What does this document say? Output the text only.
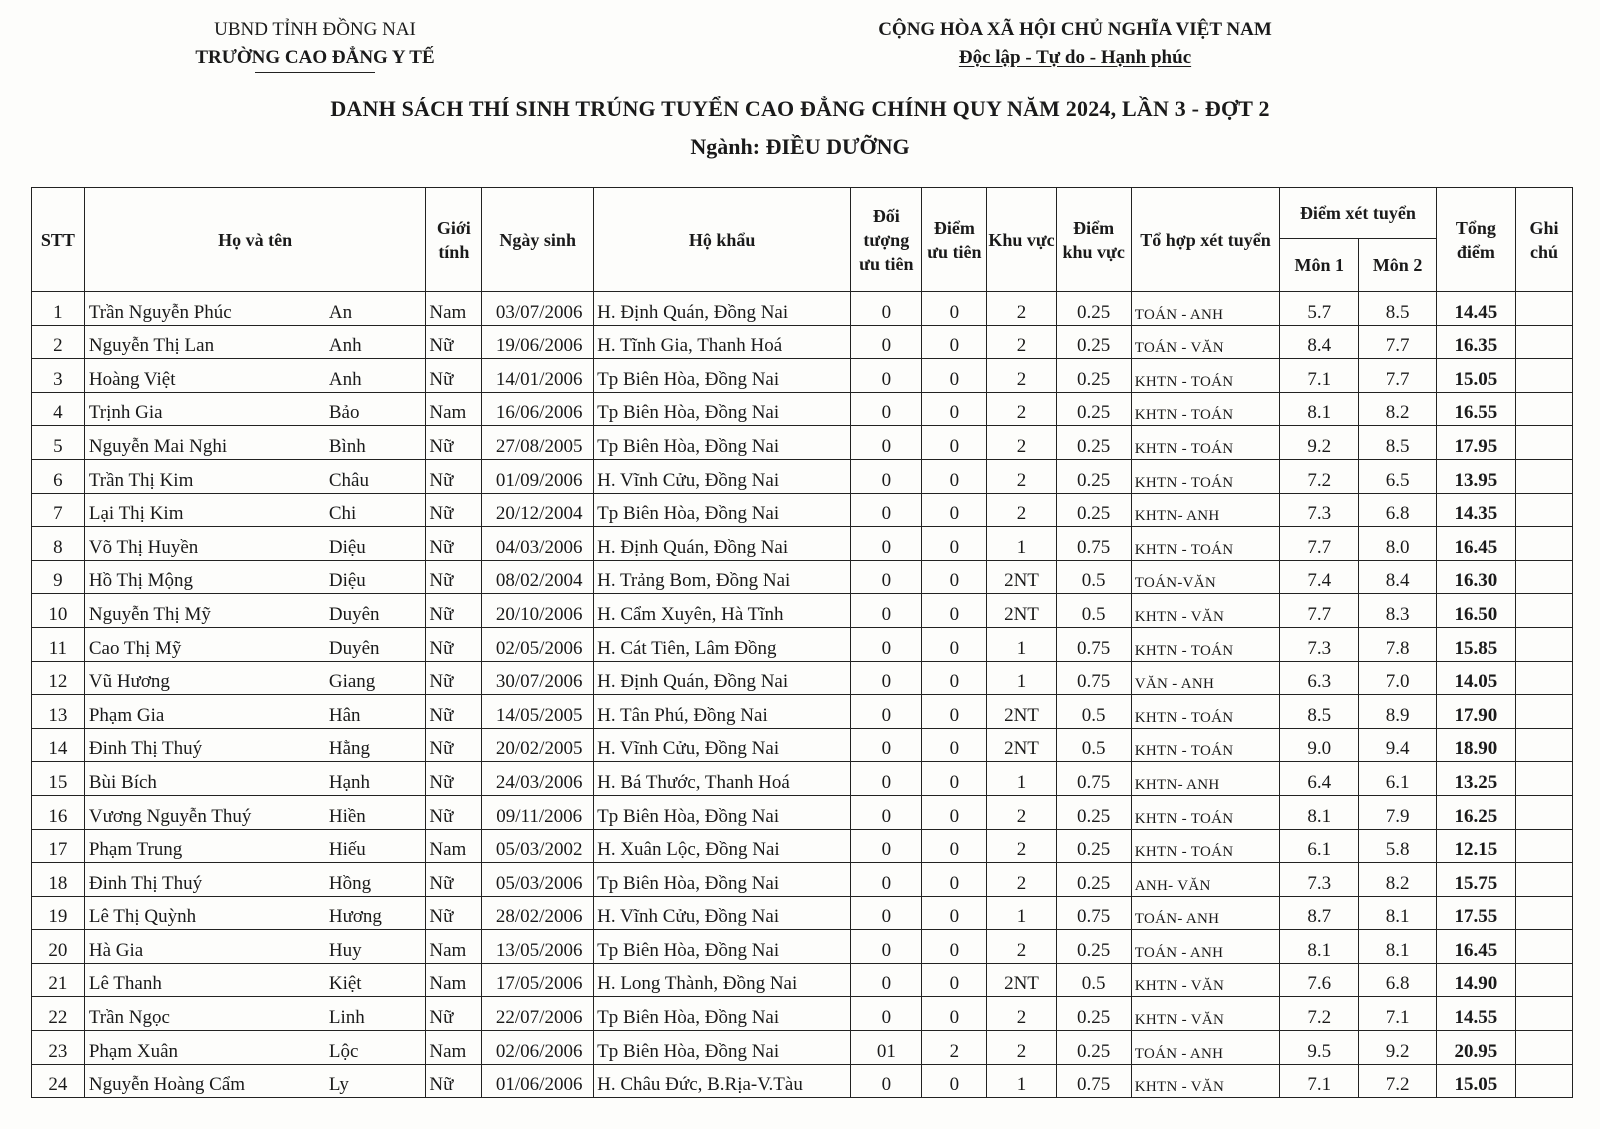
UBND TỈNH ĐỒNG NAI
TRƯỜNG CAO ĐẲNG Y TẾ
CỘNG HÒA XÃ HỘI CHỦ NGHĨA VIỆT NAM
Độc lập - Tự do - Hạnh phúc
DANH SÁCH THÍ SINH TRÚNG TUYỂN CAO ĐẲNG CHÍNH QUY NĂM 2024, LẦN 3 - ĐỢT 2
Ngành: ĐIỀU DƯỠNG
STT	Họ và tên	Giới tính	Ngày sinh	Hộ khẩu	Đối tượng ưu tiên	Điểm ưu tiên	Khu vực	Điểm khu vực	Tổ hợp xét tuyển	Điểm xét tuyển		Tổng điểm	Ghi chú
										Môn 1	Môn 2		
1	Trần Nguyễn Phúc An	Nam	03/07/2006	H. Định Quán, Đồng Nai	0	0	2	0.25	TOÁN - ANH	5.7	8.5	14.45	
2	Nguyễn Thị Lan Anh	Nữ	19/06/2006	H. Tĩnh Gia, Thanh Hoá	0	0	2	0.25	TOÁN - VĂN	8.4	7.7	16.35	
3	Hoàng Việt Anh	Nữ	14/01/2006	Tp Biên Hòa, Đồng Nai	0	0	2	0.25	KHTN - TOÁN	7.1	7.7	15.05	
4	Trịnh Gia Bảo	Nam	16/06/2006	Tp Biên Hòa, Đồng Nai	0	0	2	0.25	KHTN - TOÁN	8.1	8.2	16.55	
5	Nguyễn Mai Nghi Bình	Nữ	27/08/2005	Tp Biên Hòa, Đồng Nai	0	0	2	0.25	KHTN - TOÁN	9.2	8.5	17.95	
6	Trần Thị Kim Châu	Nữ	01/09/2006	H. Vĩnh Cửu, Đồng Nai	0	0	2	0.25	KHTN - TOÁN	7.2	6.5	13.95	
7	Lại Thị Kim Chi	Nữ	20/12/2004	Tp Biên Hòa, Đồng Nai	0	0	2	0.25	KHTN- ANH	7.3	6.8	14.35	
8	Võ Thị Huyền Diệu	Nữ	04/03/2006	H. Định Quán, Đồng Nai	0	0	1	0.75	KHTN - TOÁN	7.7	8.0	16.45	
9	Hồ Thị Mộng Diệu	Nữ	08/02/2004	H. Trảng Bom, Đồng Nai	0	0	2NT	0.5	TOÁN-VĂN	7.4	8.4	16.30	
10	Nguyễn Thị Mỹ Duyên	Nữ	20/10/2006	H. Cẩm Xuyên, Hà Tĩnh	0	0	2NT	0.5	KHTN - VĂN	7.7	8.3	16.50	
11	Cao Thị Mỹ Duyên	Nữ	02/05/2006	H. Cát Tiên, Lâm Đồng	0	0	1	0.75	KHTN - TOÁN	7.3	7.8	15.85	
12	Vũ Hương Giang	Nữ	30/07/2006	H. Định Quán, Đồng Nai	0	0	1	0.75	VĂN - ANH	6.3	7.0	14.05	
13	Phạm Gia Hân	Nữ	14/05/2005	H. Tân Phú, Đồng Nai	0	0	2NT	0.5	KHTN - TOÁN	8.5	8.9	17.90	
14	Đinh Thị Thuý Hằng	Nữ	20/02/2005	H. Vĩnh Cửu, Đồng Nai	0	0	2NT	0.5	KHTN - TOÁN	9.0	9.4	18.90	
15	Bùi Bích Hạnh	Nữ	24/03/2006	H. Bá Thước, Thanh Hoá	0	0	1	0.75	KHTN- ANH	6.4	6.1	13.25	
16	Vương Nguyễn Thuý Hiền	Nữ	09/11/2006	Tp Biên Hòa, Đồng Nai	0	0	2	0.25	KHTN - TOÁN	8.1	7.9	16.25	
17	Phạm Trung Hiếu	Nam	05/03/2002	H. Xuân Lộc, Đồng Nai	0	0	2	0.25	KHTN - TOÁN	6.1	5.8	12.15	
18	Đinh Thị Thuý Hồng	Nữ	05/03/2006	Tp Biên Hòa, Đồng Nai	0	0	2	0.25	ANH- VĂN	7.3	8.2	15.75	
19	Lê Thị Quỳnh Hương	Nữ	28/02/2006	H. Vĩnh Cửu, Đồng Nai	0	0	1	0.75	TOÁN- ANH	8.7	8.1	17.55	
20	Hà Gia Huy	Nam	13/05/2006	Tp Biên Hòa, Đồng Nai	0	0	2	0.25	TOÁN - ANH	8.1	8.1	16.45	
21	Lê Thanh Kiệt	Nam	17/05/2006	H. Long Thành, Đồng Nai	0	0	2NT	0.5	KHTN - VĂN	7.6	6.8	14.90	
22	Trần Ngọc Linh	Nữ	22/07/2006	Tp Biên Hòa, Đồng Nai	0	0	2	0.25	KHTN - VĂN	7.2	7.1	14.55	
23	Phạm Xuân Lộc	Nam	02/06/2006	Tp Biên Hòa, Đồng Nai	01	2	2	0.25	TOÁN - ANH	9.5	9.2	20.95	
24	Nguyễn Hoàng Cẩm Ly	Nữ	01/06/2006	H. Châu Đức, B.Rịa-V.Tàu	0	0	1	0.75	KHTN - VĂN	7.1	7.2	15.05	
